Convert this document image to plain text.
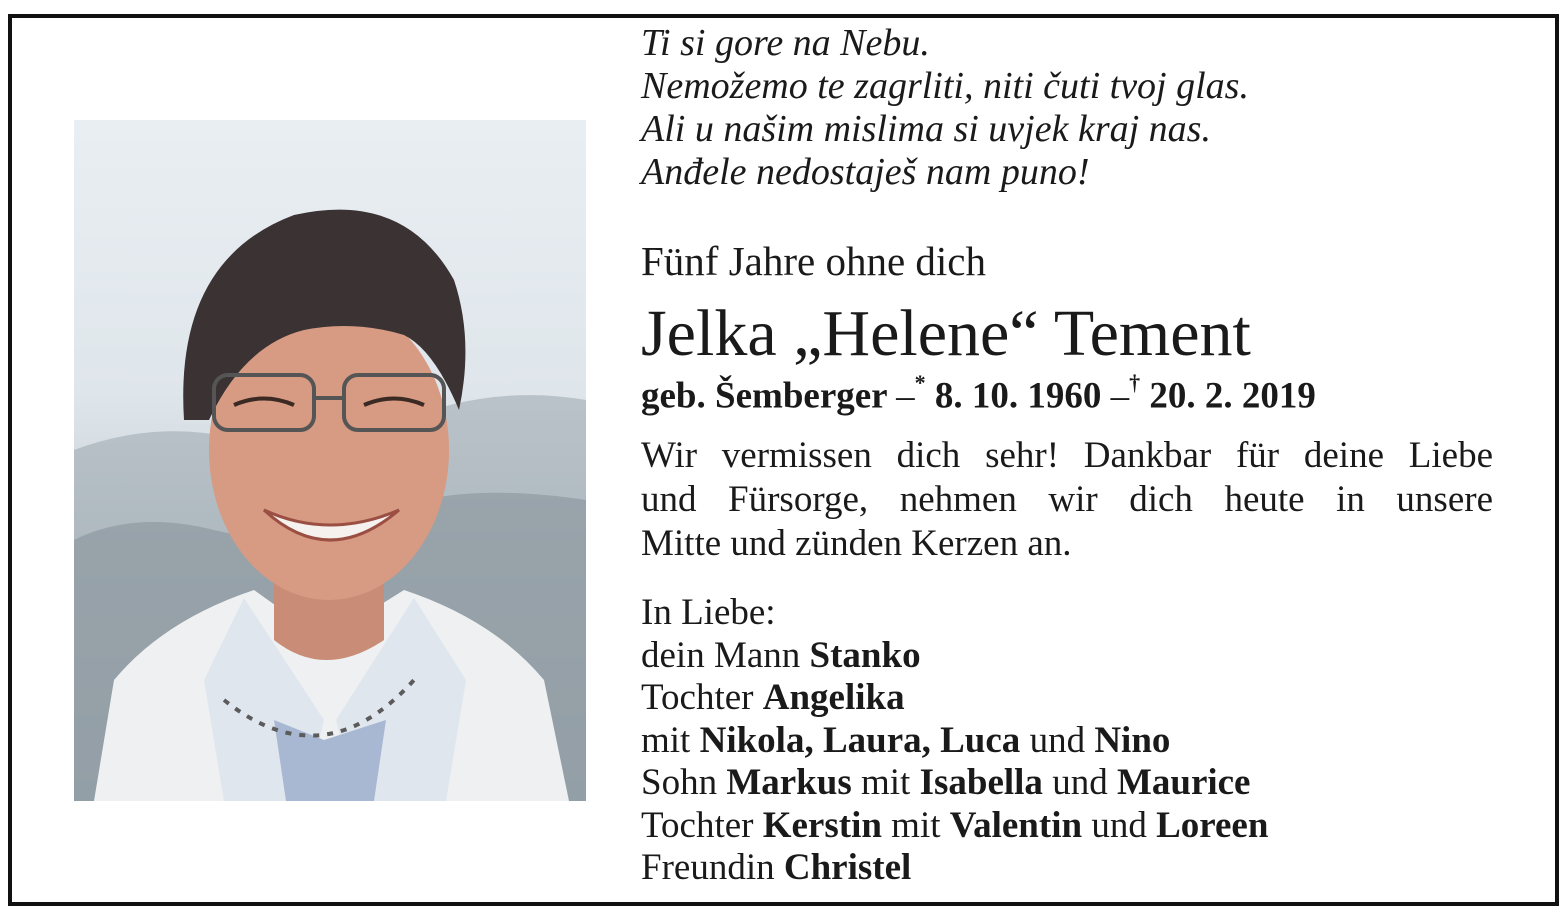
Ti si gore na Nebu.
Nemožemo te zagrliti, niti čuti tvoj glas.
Ali u našim mislima si uvjek kraj nas.
Anđele nedostaješ nam puno!
Fünf Jahre ohne dich
Jelka „Helene“ Tement
geb. Šemberger –* 8. 10. 1960 –† 20. 2. 2019
Wir vermissen dich sehr! Dankbar für deine Liebe
und Fürsorge, nehmen wir dich heute in unsere
Mitte und zünden Kerzen an.
In Liebe:
dein Mann Stanko
Tochter Angelika
mit Nikola, Laura, Luca und Nino
Sohn Markus mit Isabella und Maurice
Tochter Kerstin mit Valentin und Loreen
Freundin Christel
